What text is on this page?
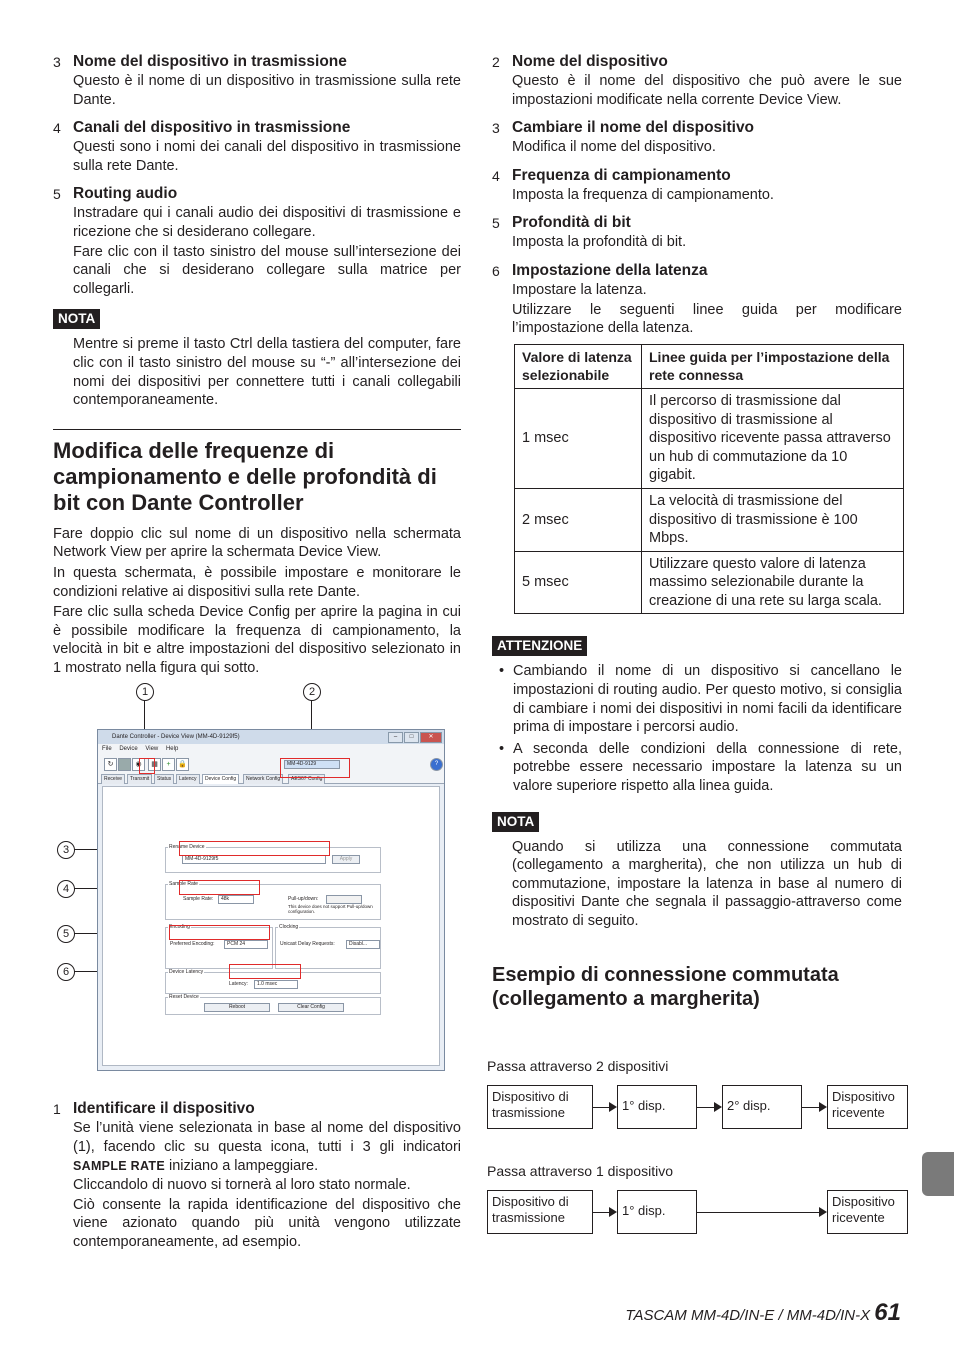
3 Nome del dispositivo in trasmissione

Questo è il nome di un dispositivo in trasmissione sulla rete Dante.

4 Canali del dispositivo in trasmissione

Questi sono i nomi dei canali del dispositivo in trasmissione sulla rete Dante.

5 Routing audio

Instradare qui i canali audio dei dispositivi di trasmissione e ricezione che si desiderano collegare.

Fare clic con il tasto sinistro del mouse sull’intersezione dei canali che si desiderano collegare sulla matrice per collegarli.

NOTA
Mentre si preme il tasto Ctrl della tastiera del computer, fare clic con il tasto sinistro del mouse su “-” all’intersezione dei nomi dei dispositivi per connettere tutti i canali collegabili contemporaneamente.
Modifica delle frequenze di campionamento e delle profondità di bit con Dante Controller

Fare doppio clic sul nome di un dispositivo nella schermata Network View per aprire la schermata Device View.

In questa schermata, è possibile impostare e monitorare le condizioni relative ai dispositivi sulla rete Dante.

Fare clic sulla scheda Device Config per aprire la pagina in cui è possibile modificare la frequenza di campionamento, la velocità in bit e altre impostazioni del dispositivo selezionato in 1 mostrato nella figura qui sotto.

1	2
3
4
5
6
Dante Controller - Device View (MM-4D-9129f5)	–	□	✕
File Device View Help
↻	◉	▦	+	🔒	MM-4D-9129	?
Receive	Transmit	Status	Latency	Device Config	Network Config	AES67 Config
Rename Device
MM-4D-9129f5	Apply
Sample Rate
Sample Rate:	48k	Pull-up/down:
This device does not support Pull-up/down configuration.
Encoding
Preferred Encoding:	PCM 24
Clocking
Unicast Delay Requests:	Disabl...
Device Latency
Latency:	1.0 msec
Reset Device
Reboot	Clear Config
1 Identificare il dispositivo

Se l’unità viene selezionata in base al nome del dispositivo (1), facendo clic su questa icona, tutti i 3 gli indicatori SAMPLE RATE iniziano a lampeggiare.

Cliccandolo di nuovo si tornerà al loro stato normale.

Ciò consente la rapida identificazione del dispositivo che viene azionato quando più unità vengono utilizzate contemporaneamente, ad esempio.

2 Nome del dispositivo

Questo è il nome del dispositivo che può avere le sue impostazioni modificate nella corrente Device View.

3 Cambiare il nome del dispositivo

Modifica il nome del dispositivo.

4 Frequenza di campionamento

Imposta la frequenza di campionamento.

5 Profondità di bit

Imposta la profondità di bit.

6 Impostazione della latenza

Impostare la latenza.

Utilizzare le seguenti linee guida per modificare l’impostazione della latenza.

Valore di latenza selezionabile	Linee guida per l’impostazione della rete connessa
1 msec	Il percorso di trasmissione dal dispositivo di trasmissione al dispositivo ricevente passa attraverso un hub di commutazione da 10 gigabit.
2 msec	La velocità di trasmissione del dispositivo di trasmissione è 100 Mbps.
5 msec	Utilizzare questo valore di latenza massimo selezionabile durante la creazione di una rete su larga scala.
ATTENZIONE
• Cambiando il nome di un dispositivo si cancellano le impostazioni di routing audio. Per questo motivo, si consiglia di cambiare i nomi dei dispositivi in nomi facili da identificare prima di impostare i percorsi audio.
• A seconda delle condizioni della connessione di rete, potrebbe essere necessario impostare la latenza su un valore superiore rispetto alla linea guida.
NOTA
Quando si utilizza una connessione commutata (collegamento a margherita), che non utilizza un hub di commutazione, impostare la latenza in base al numero di dispositivi Dante che segnala il passaggio-attraverso come mostrato di seguito.
Esempio di connessione commutata (collegamento a margherita)
Passa attraverso 2 dispositivi
Dispositivo di trasmissione	1° disp.	2° disp.
Dispositivo ricevente
Passa attraverso 1 dispositivo
Dispositivo di trasmissione	1° disp.
Dispositivo ricevente
TASCAM MM-4D/IN-E / MM-4D/IN-X 61
